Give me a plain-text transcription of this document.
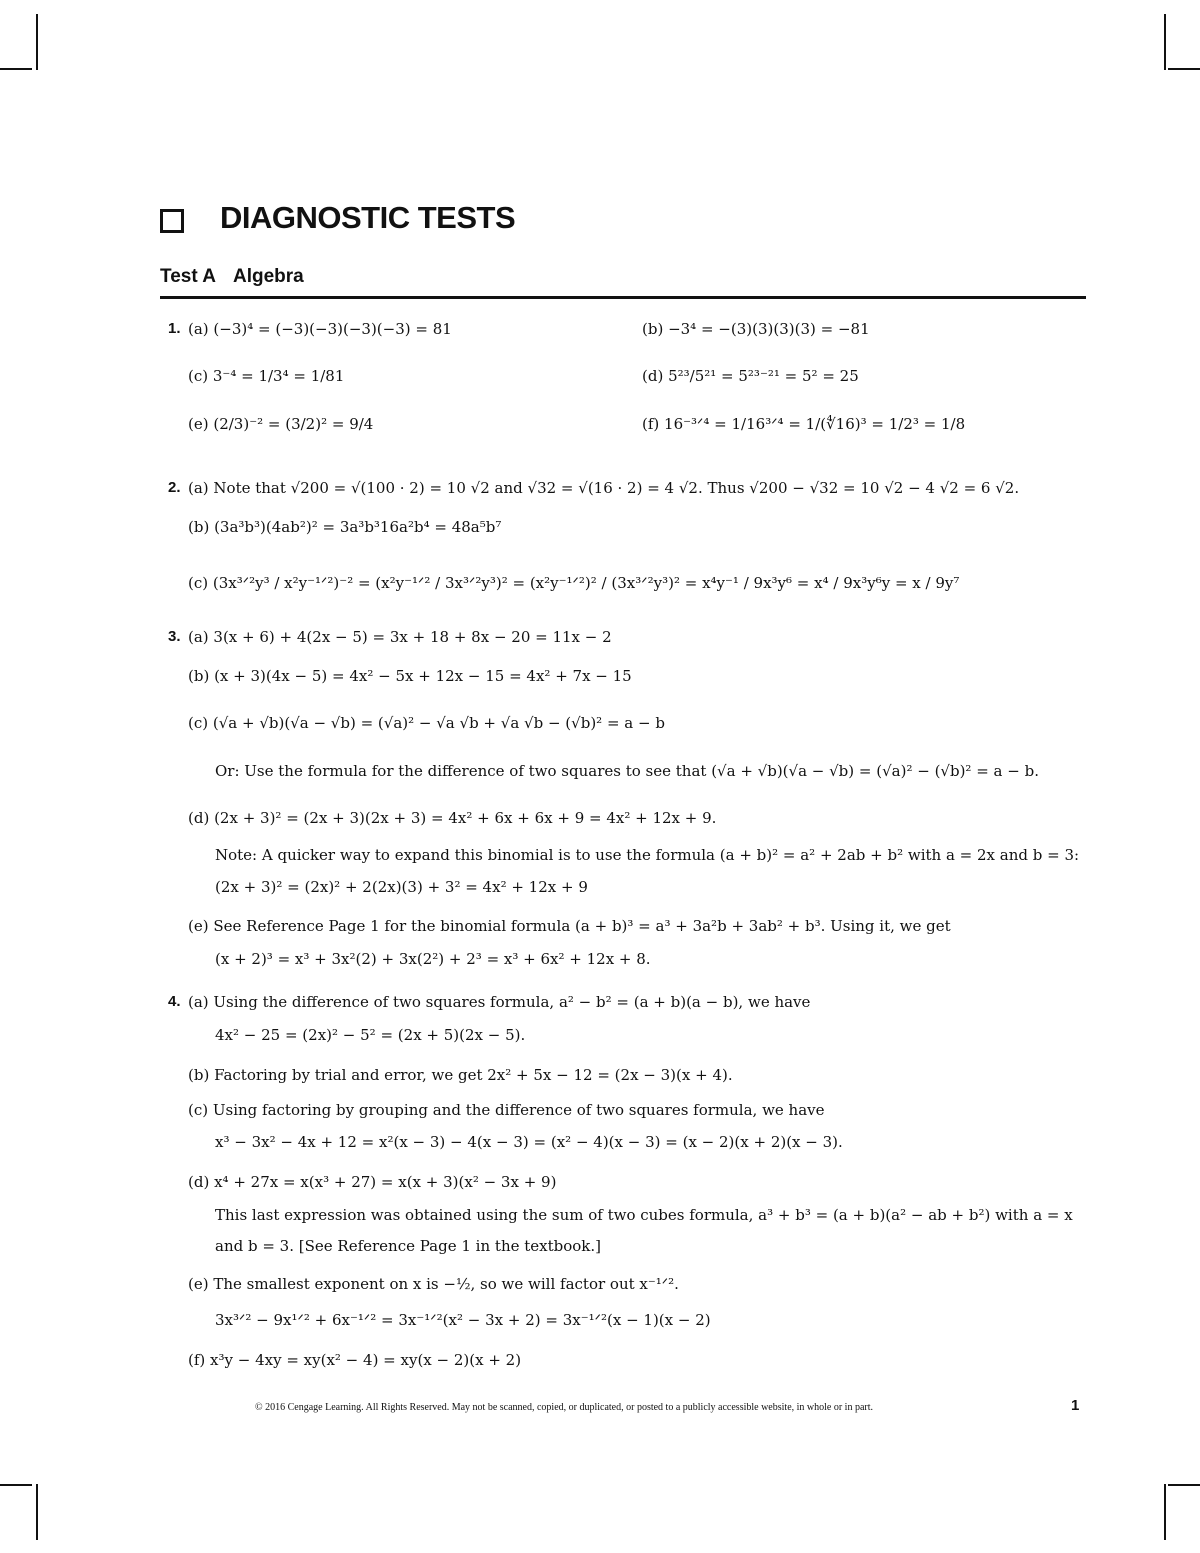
DIAGNOSTIC TESTS
Test A Algebra
1. (a) (−3)⁴ = (−3)(−3)(−3)(−3) = 81	(b) −3⁴ = −(3)(3)(3)(3) = −81
(c) 3⁻⁴ = 1/3⁴ = 1/81	(d) 5²³/5²¹ = 5²³⁻²¹ = 5² = 25
(e) (2/3)⁻² = (3/2)² = 9/4	(f) 16⁻³ᐟ⁴ = 1/16³ᐟ⁴ = 1/(∜16)³ = 1/2³ = 1/8
2. (a) Note that √200 = √(100 · 2) = 10 √2 and √32 = √(16 · 2) = 4 √2. Thus √200 − √32 = 10 √2 − 4 √2 = 6 √2.
(b) (3a³b³)(4ab²)² = 3a³b³16a²b⁴ = 48a⁵b⁷
(c) (3x³ᐟ²y³ / x²y⁻¹ᐟ²)⁻² = (x²y⁻¹ᐟ² / 3x³ᐟ²y³)² = (x²y⁻¹ᐟ²)² / (3x³ᐟ²y³)² = x⁴y⁻¹ / 9x³y⁶ = x⁴ / 9x³y⁶y = x / 9y⁷
3. (a) 3(x + 6) + 4(2x − 5) = 3x + 18 + 8x − 20 = 11x − 2
(b) (x + 3)(4x − 5) = 4x² − 5x + 12x − 15 = 4x² + 7x − 15
(c) (√a + √b)(√a − √b) = (√a)² − √a √b + √a √b − (√b)² = a − b
Or: Use the formula for the difference of two squares to see that (√a + √b)(√a − √b) = (√a)² − (√b)² = a − b.
(d) (2x + 3)² = (2x + 3)(2x + 3) = 4x² + 6x + 6x + 9 = 4x² + 12x + 9.
Note: A quicker way to expand this binomial is to use the formula (a + b)² = a² + 2ab + b² with a = 2x and b = 3:
(2x + 3)² = (2x)² + 2(2x)(3) + 3² = 4x² + 12x + 9
(e) See Reference Page 1 for the binomial formula (a + b)³ = a³ + 3a²b + 3ab² + b³. Using it, we get
(x + 2)³ = x³ + 3x²(2) + 3x(2²) + 2³ = x³ + 6x² + 12x + 8.
4. (a) Using the difference of two squares formula, a² − b² = (a + b)(a − b), we have
4x² − 25 = (2x)² − 5² = (2x + 5)(2x − 5).
(b) Factoring by trial and error, we get 2x² + 5x − 12 = (2x − 3)(x + 4).
(c) Using factoring by grouping and the difference of two squares formula, we have
x³ − 3x² − 4x + 12 = x²(x − 3) − 4(x − 3) = (x² − 4)(x − 3) = (x − 2)(x + 2)(x − 3).
(d) x⁴ + 27x = x(x³ + 27) = x(x + 3)(x² − 3x + 9)
This last expression was obtained using the sum of two cubes formula, a³ + b³ = (a + b)(a² − ab + b²) with a = x
and b = 3. [See Reference Page 1 in the textbook.]
(e) The smallest exponent on x is −½, so we will factor out x⁻¹ᐟ².
3x³ᐟ² − 9x¹ᐟ² + 6x⁻¹ᐟ² = 3x⁻¹ᐟ²(x² − 3x + 2) = 3x⁻¹ᐟ²(x − 1)(x − 2)
(f) x³y − 4xy = xy(x² − 4) = xy(x − 2)(x + 2)
© 2016 Cengage Learning. All Rights Reserved. May not be scanned, copied, or duplicated, or posted to a publicly accessible website, in whole or in part.	1
